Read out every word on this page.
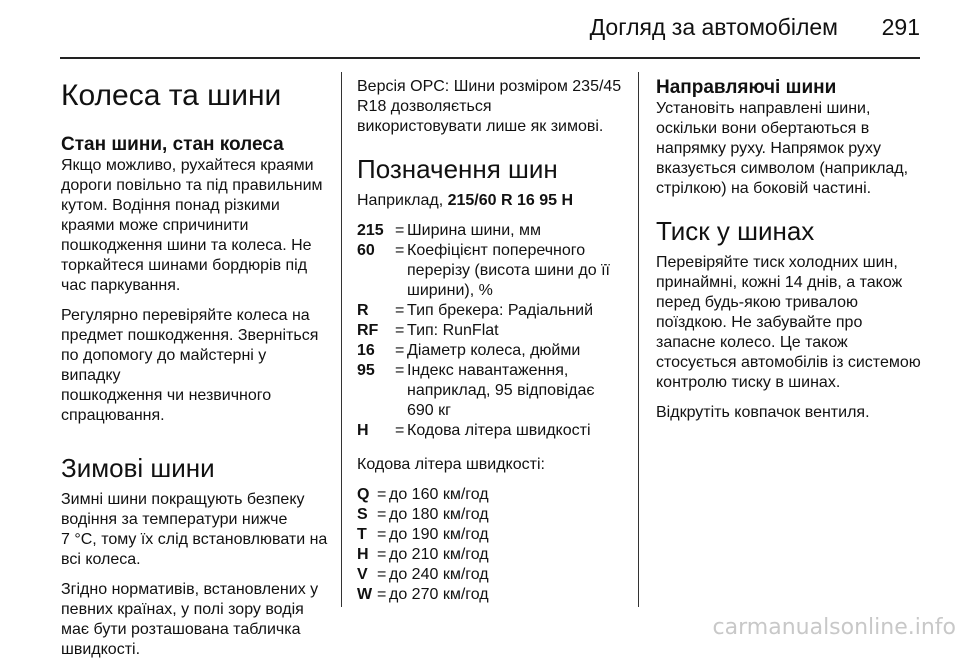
Догляд за автомобілем 291
Колеса та шини
Стан шини, стан колеса

Якщо можливо, рухайтеся краями
дороги повільно та під правильним
кутом. Водіння понад різкими
краями може спричинити
пошкодження шини та колеса. Не
торкайтеся шинами бордюрів під
час паркування.

Регулярно перевіряйте колеса на
предмет пошкодження. Зверніться
по допомогу до майстерні у випадку
пошкодження чи незвичного
спрацювання.

Зимові шини

Зимні шини покращують безпеку
водіння за температури нижче
7 °C, тому їх слід встановлювати на
всі колеса.

Згідно нормативів, встановлених у
певних країнах, у полі зору водія
має бути розташована табличка
швидкості.

Версія OPC: Шини розміром 235/45
R18 дозволяється
використовувати лише як зимові.

Позначення шин

Наприклад, 215/60 R 16 95 H

215 = Ширина шини, мм
60	= Коефіцієнт поперечного
перерізу (висота шини до її
ширини), %
R	= Тип брекера: Радіальний
RF	= Тип: RunFlat
16	= Діаметр колеса, дюйми
95	= Індекс навантаження,
наприклад, 95 відповідає
690 кг
H	= Кодова літера швидкості

Кодова літера швидкості:

Q = до 160 км/год
S = до 180 км/год
T = до 190 км/год
H = до 210 км/год
V = до 240 км/год
W = до 270 км/год
Направляючі шини

Установіть направлені шини,
оскільки вони обертаються в
напрямку руху. Напрямок руху
вказується символом (наприклад,
стрілкою) на боковій частині.

Тиск у шинах

Перевіряйте тиск холодних шин,
принаймні, кожні 14 днів, а також
перед будь-якою тривалою
поїздкою. Не забувайте про
запасне колесо. Це також
стосується автомобілів із системою
контролю тиску в шинах.

Відкрутіть ковпачок вентиля.

carmanualsonline.info
